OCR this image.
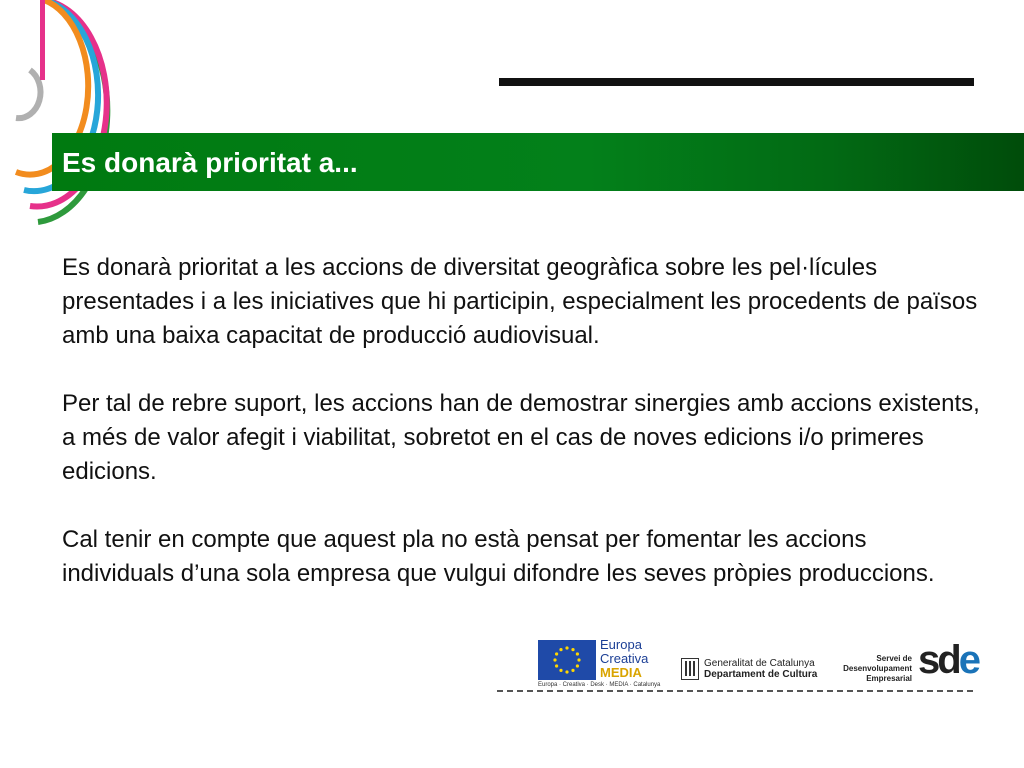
Es donarà prioritat a...

Es donarà prioritat a les accions de diversitat geogràfica sobre les pel·lícules presentades i a les iniciatives que hi participin, especialment les procedents de països amb una baixa capacitat de producció audiovisual.

Per tal de rebre suport, les accions han de demostrar sinergies amb accions existents, a més de valor afegit i viabilitat, sobretot en el cas de noves edicions i/o primeres edicions.

Cal tenir en compte que aquest pla no està pensat per fomentar les accions individuals d’una sola empresa que vulgui difondre les seves pròpies produccions.

Europa
Creativa
MEDIA
Europa · Creativa · Desk · MEDIA · Catalunya
Generalitat de Catalunya
Departament de Cultura
Servei de
Desenvolupament
Empresarial sde
